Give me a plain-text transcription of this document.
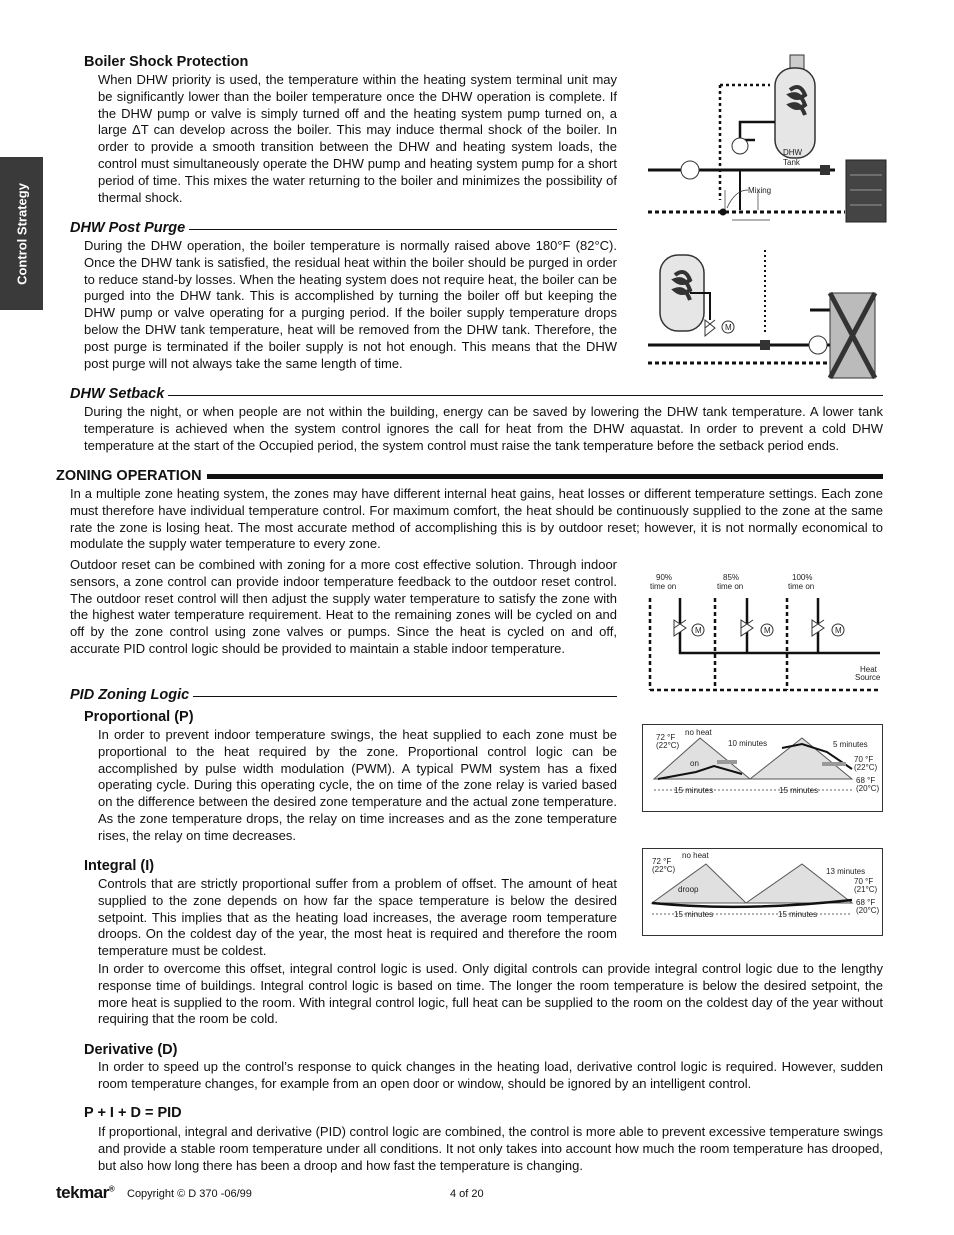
Control Strategy
Boiler Shock Protection
When DHW priority is used, the temperature within the heating system terminal unit may be significantly lower than the boiler temperature once the DHW operation is complete. If the DHW pump or valve is simply turned off and the heating system pump turned on, a large ΔT can develop across the boiler. This may induce thermal shock of the boiler. In order to provide a smooth transition between the DHW and heating system loads, the control must simultaneously operate the DHW pump and heating system pump for a short period of time. This mixes the water returning to the boiler and minimizes the possibility of thermal shock.
DHW Post Purge
During the DHW operation, the boiler temperature is normally raised above 180°F (82°C). Once the DHW tank is satisfied, the residual heat within the boiler should be purged in order to reduce stand-by losses. When the heating system does not require heat, the boiler can be purged into the DHW tank. This is accomplished by turning the boiler off but keeping the DHW pump or valve operating for a purging period. If the boiler supply temperature drops below the DHW tank temperature, heat will be removed from the DHW tank. Therefore, the post purge is terminated if the boiler supply is not hot enough. This means that the DHW post purge will not always take the same length of time.
DHW Setback
During the night, or when people are not within the building, energy can be saved by lowering the DHW tank temperature. A lower tank temperature is achieved when the system control ignores the call for heat from the DHW aquastat. In order to prevent a cold DHW temperature at the start of the Occupied period, the system control must raise the tank temperature before the setback period ends.
ZONING OPERATION
In a multiple zone heating system, the zones may have different internal heat gains, heat losses or different temperature settings. Each zone must therefore have individual temperature control. For maximum comfort, the heat should be continuously supplied to the zone at the same rate the zone is losing heat. The most accurate method of accomplishing this is by outdoor reset; however, it is not normally economical to modulate the supply water temperature to every zone.
Outdoor reset can be combined with zoning for a more cost effective solution. Through indoor sensors, a zone control can provide indoor temperature feedback to the outdoor reset control. The outdoor reset control will then adjust the supply water temperature to satisfy the zone with the highest water temperature requirement. Heat to the remaining zones will be cycled on and off by the zone control using zone valves or pumps. Since the heat is cycled on and off, accurate PID control logic should be provided to maintain a stable indoor temperature.
PID Zoning Logic
Proportional (P)
In order to prevent indoor temperature swings, the heat supplied to each zone must be proportional to the heat required by the zone. Proportional control logic can be accomplished by pulse width modulation (PWM). A typical PWM system has a fixed operating cycle. During this operating cycle, the on time of the zone relay is varied based on the difference between the desired zone temperature and the actual zone temperature. As the zone temperature drops, the relay on time increases and as the zone temperature rises, the relay on time decreases.
Integral (I)
Controls that are strictly proportional suffer from a problem of offset. The amount of heat supplied to the zone depends on how far the space temperature is below the desired setpoint. This implies that as the heating load increases, the average room temperature droops. On the coldest day of the year, the most heat is required and therefore the room temperature must be coldest.
In order to overcome this offset, integral control logic is used. Only digital controls can provide integral control logic due to the lengthy response time of buildings. Integral control logic is based on time. The longer the room temperature is below the desired setpoint, the more heat is supplied to the room. With integral control logic, full heat can be supplied to the room on the coldest day of the year without requiring that the room be cold.
Derivative (D)
In order to speed up the control’s response to quick changes in the heating load, derivative control logic is required. However, sudden room temperature changes, for example from an open door or window, should be ignored by an intelligent control.
P + I + D = PID
If proportional, integral and derivative (PID) control logic are combined, the control is more able to prevent excessive temperature swings and provide a stable room temperature under all conditions. It not only takes into account how much the room temperature has drooped, but also how long there has been a droop and how fast the temperature is changing.
DHW
Tank
Mixing
M
90%
time on
85%
time on
100%
time on
M	M	M
Heat
Source
72 °F
(22°C)
no heat
10 minutes	5 minutes
on	70 °F
(22°C)
68 °F
(20°C)
15 minutes	15 minutes
72 °F
(22°C)
no heat
13 minutes
droop
70 °F
(21°C)
68 °F
(20°C)
15 minutes	15 minutes
tekmar® Copyright © D 370 -06/99	4 of 20
